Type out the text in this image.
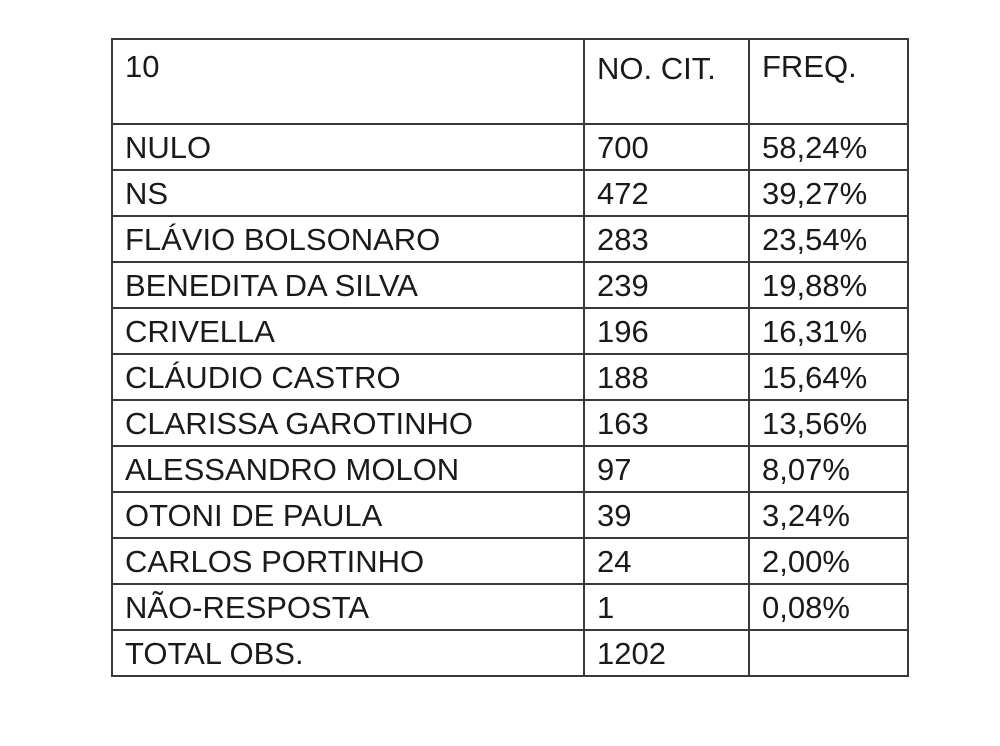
10	NO. CIT.	FREQ.
NULO	700	58,24%
NS	472	39,27%
FLÁVIO BOLSONARO	283	23,54%
BENEDITA DA SILVA	239	19,88%
CRIVELLA	196	16,31%
CLÁUDIO CASTRO	188	15,64%
CLARISSA GAROTINHO	163	13,56%
ALESSANDRO MOLON	97	8,07%
OTONI DE PAULA	39	3,24%
CARLOS PORTINHO	24	2,00%
NÃO-RESPOSTA	1	0,08%
TOTAL OBS.	1202	
